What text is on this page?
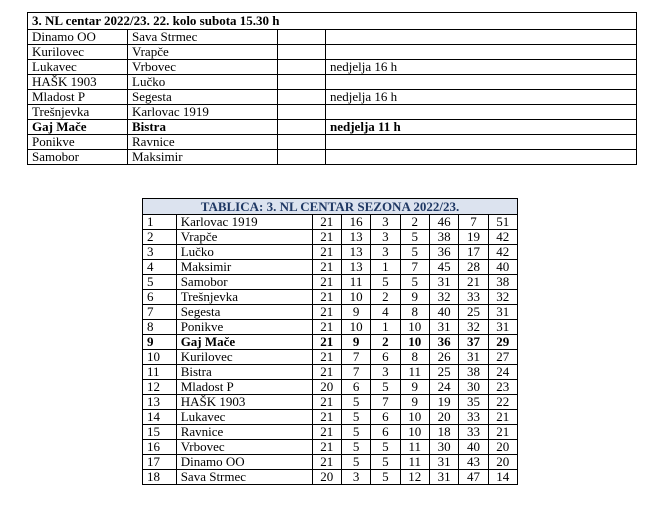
3. NL centar 2022/23. 22. kolo subota 15.30 h			
Dinamo OO	Sava Strmec		
Kurilovec	Vrapče		
Lukavec	Vrbovec		nedjelja 16 h
HAŠK 1903	Lučko		
Mladost P	Segesta		nedjelja 16 h
Trešnjevka	Karlovac 1919		
Gaj Mače	Bistra		nedjelja 11 h
Ponikve	Ravnice		
Samobor	Maksimir		
TABLICA: 3. NL CENTAR SEZONA 2022/23.								
1	Karlovac 1919	21	16	3	2	46	7	51
2	Vrapče	21	13	3	5	38	19	42
3	Lučko	21	13	3	5	36	17	42
4	Maksimir	21	13	1	7	45	28	40
5	Samobor	21	11	5	5	31	21	38
6	Trešnjevka	21	10	2	9	32	33	32
7	Segesta	21	9	4	8	40	25	31
8	Ponikve	21	10	1	10	31	32	31
9	Gaj Mače	21	9	2	10	36	37	29
10	Kurilovec	21	7	6	8	26	31	27
11	Bistra	21	7	3	11	25	38	24
12	Mladost P	20	6	5	9	24	30	23
13	HAŠK 1903	21	5	7	9	19	35	22
14	Lukavec	21	5	6	10	20	33	21
15	Ravnice	21	5	6	10	18	33	21
16	Vrbovec	21	5	5	11	30	40	20
17	Dinamo OO	21	5	5	11	31	43	20
18	Sava Strmec	20	3	5	12	31	47	14
